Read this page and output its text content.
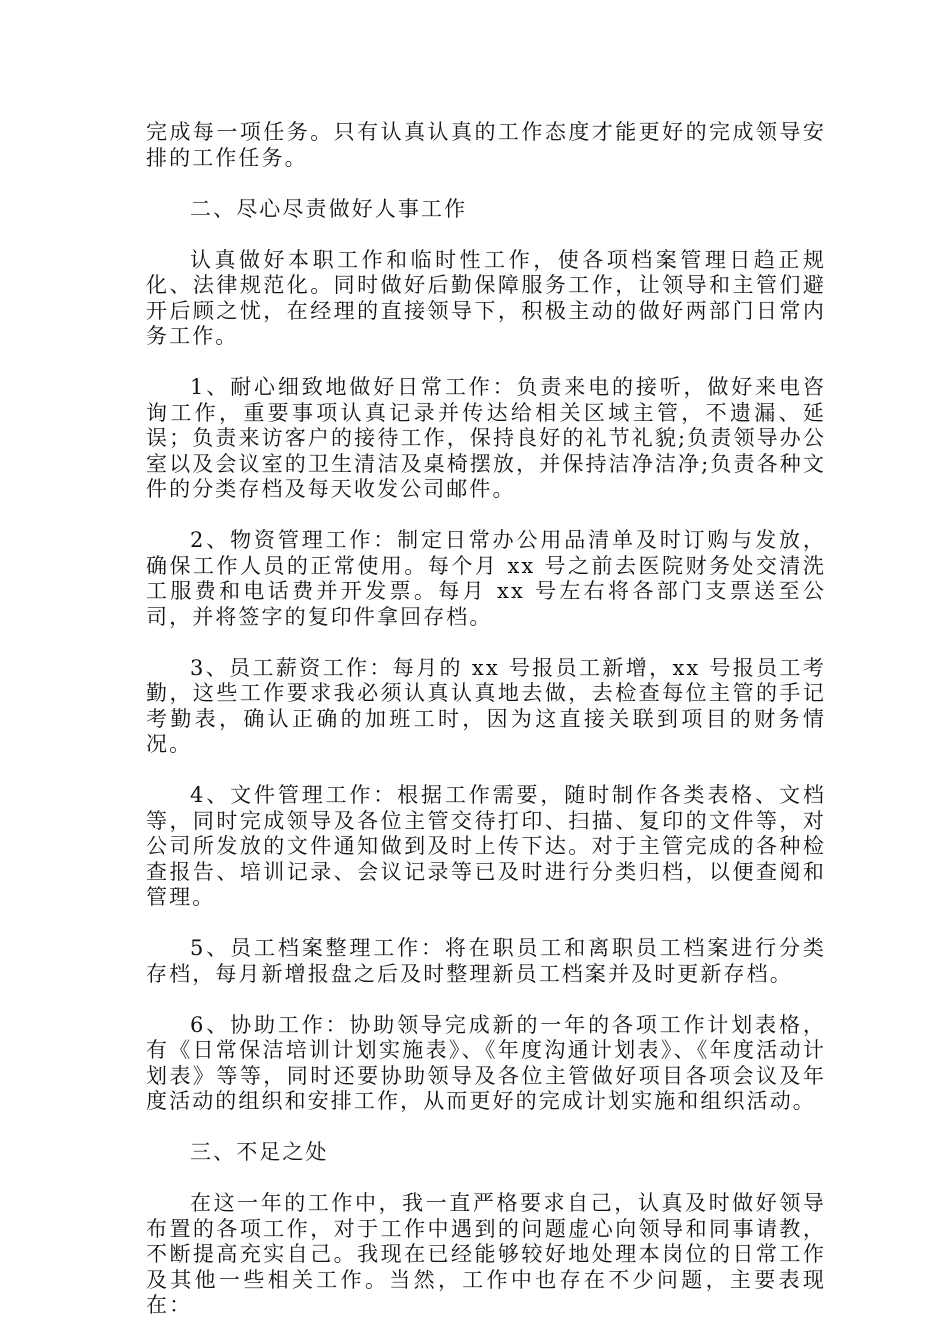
完成每一项任务。只有认真认真的工作态度才能更好的完成领导安排的工作任务。

二、尽心尽责做好人事工作

认真做好本职工作和临时性工作，使各项档案管理日趋正规化、法律规范化。同时做好后勤保障服务工作，让领导和主管们避开后顾之忧，在经理的直接领导下，积极主动的做好两部门日常内务工作。

1、耐心细致地做好日常工作：负责来电的接听，做好来电咨询工作，重要事项认真记录并传达给相关区域主管，不遗漏、延误；负责来访客户的接待工作，保持良好的礼节礼貌;负责领导办公室以及会议室的卫生清洁及桌椅摆放，并保持洁净洁净;负责各种文件的分类存档及每天收发公司邮件。

2、物资管理工作：制定日常办公用品清单及时订购与发放，确保工作人员的正常使用。每个月 xx 号之前去医院财务处交清洗工服费和电话费并开发票。每月 xx 号左右将各部门支票送至公司，并将签字的复印件拿回存档。

3、员工薪资工作：每月的 xx 号报员工新增，xx 号报员工考勤，这些工作要求我必须认真认真地去做，去检查每位主管的手记考勤表，确认正确的加班工时，因为这直接关联到项目的财务情况。

4、文件管理工作：根据工作需要，随时制作各类表格、文档等，同时完成领导及各位主管交待打印、扫描、复印的文件等，对公司所发放的文件通知做到及时上传下达。对于主管完成的各种检查报告、培训记录、会议记录等已及时进行分类归档，以便查阅和管理。

5、员工档案整理工作：将在职员工和离职员工档案进行分类存档，每月新增报盘之后及时整理新员工档案并及时更新存档。

6、协助工作：协助领导完成新的一年的各项工作计划表格，有《日常保洁培训计划实施表》、《年度沟通计划表》、《年度活动计划表》等等，同时还要协助领导及各位主管做好项目各项会议及年度活动的组织和安排工作，从而更好的完成计划实施和组织活动。

三、不足之处

在这一年的工作中，我一直严格要求自己，认真及时做好领导布置的各项工作，对于工作中遇到的问题虚心向领导和同事请教，不断提高充实自己。我现在已经能够较好地处理本岗位的日常工作及其他一些相关工作。当然，工作中也存在不少问题，主要表现在：
